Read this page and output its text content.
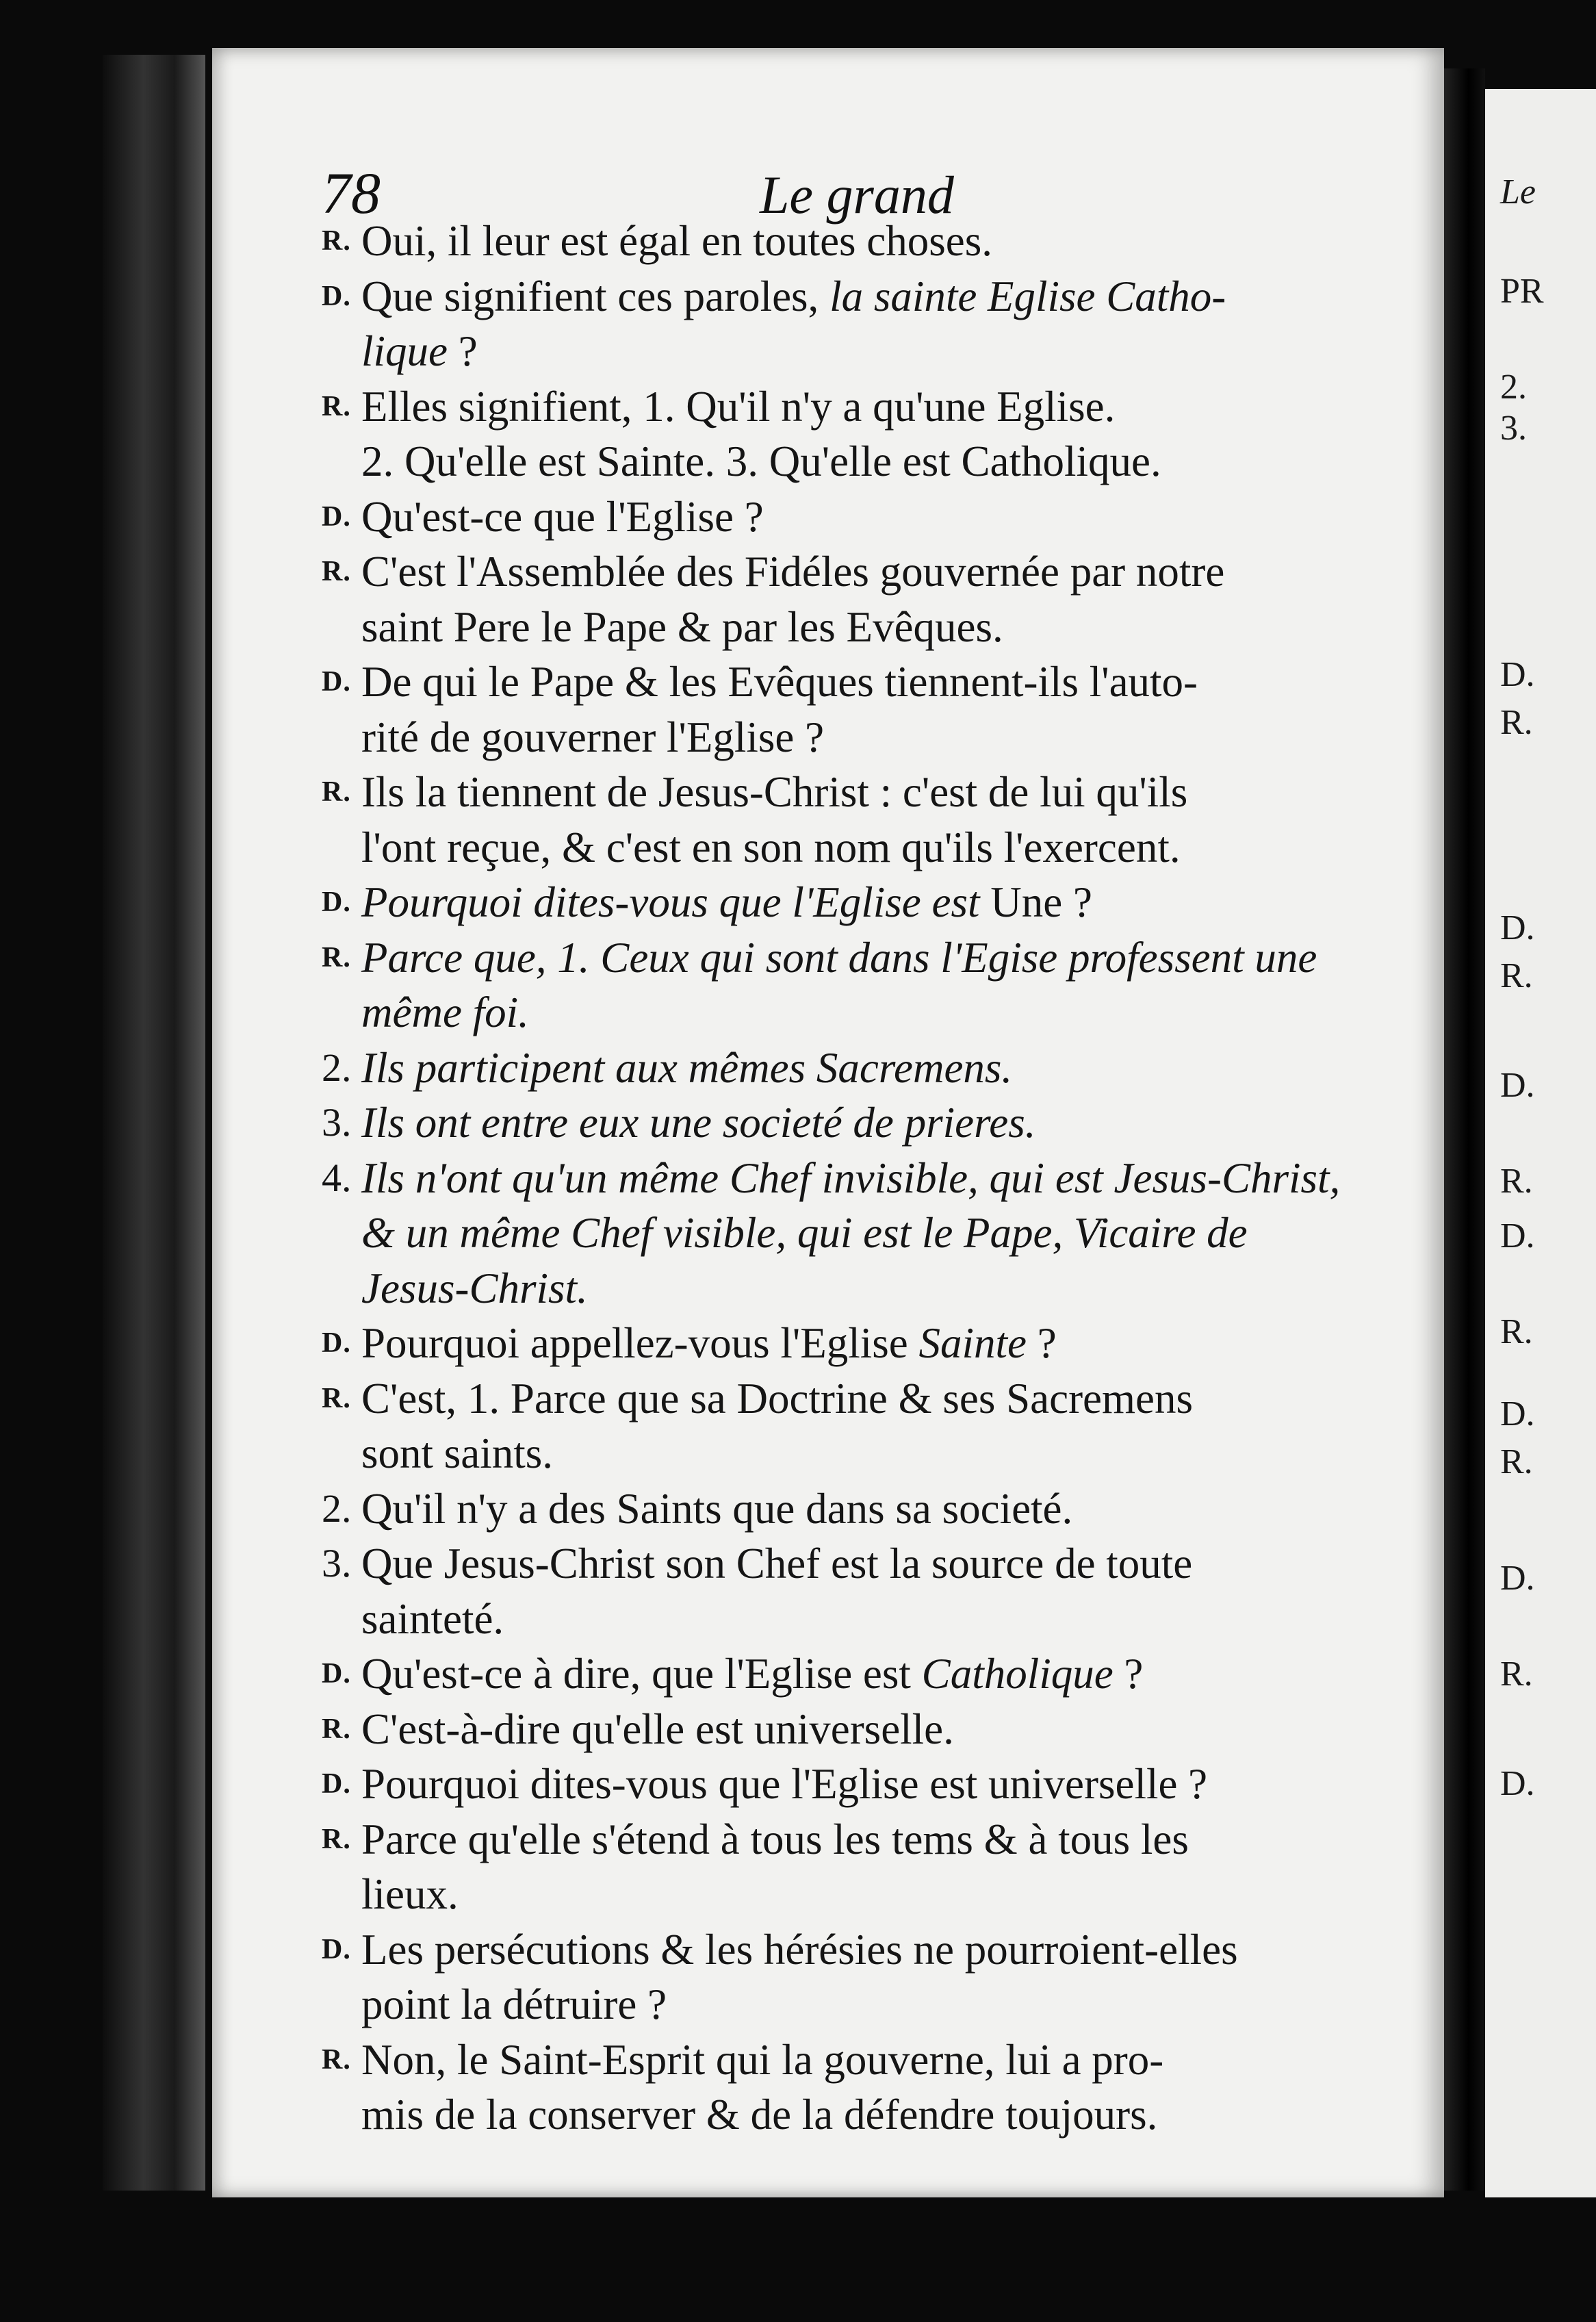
Le
PR
2.
3.
D.
R.
D.
R.
D.
R.
D.
R.
D.
R.
D.
R.
D.
78	Le grand
R. Oui, il leur est égal en toutes choses.
D. Que signifient ces paroles, la sainte Eglise Catho-
lique ?
R. Elles signifient, 1. Qu'il n'y a qu'une Eglise.
2. Qu'elle est Sainte. 3. Qu'elle est Catholique.
D. Qu'est-ce que l'Eglise ?
R. C'est l'Assemblée des Fidéles gouvernée par notre
saint Pere le Pape & par les Evêques.
D. De qui le Pape & les Evêques tiennent-ils l'auto-
rité de gouverner l'Eglise ?
R. Ils la tiennent de Jesus-Christ : c'est de lui qu'ils
l'ont reçue, & c'est en son nom qu'ils l'exercent.
D. Pourquoi dites-vous que l'Eglise est Une ?
R. Parce que, 1. Ceux qui sont dans l'Egise professent une
même foi.
2. Ils participent aux mêmes Sacremens.
3. Ils ont entre eux une societé de prieres.
4. Ils n'ont qu'un même Chef invisible, qui est Jesus-Christ,
& un même Chef visible, qui est le Pape, Vicaire de
Jesus-Christ.
D. Pourquoi appellez-vous l'Eglise Sainte ?
R. C'est, 1. Parce que sa Doctrine & ses Sacremens
sont saints.
2. Qu'il n'y a des Saints que dans sa societé.
3. Que Jesus-Christ son Chef est la source de toute
sainteté.
D. Qu'est-ce à dire, que l'Eglise est Catholique ?
R. C'est-à-dire qu'elle est universelle.
D. Pourquoi dites-vous que l'Eglise est universelle ?
R. Parce qu'elle s'étend à tous les tems & à tous les
lieux.
D. Les persécutions & les hérésies ne pourroient-elles
point la détruire ?
R. Non, le Saint-Esprit qui la gouverne, lui a pro-
mis de la conserver & de la défendre toujours.
